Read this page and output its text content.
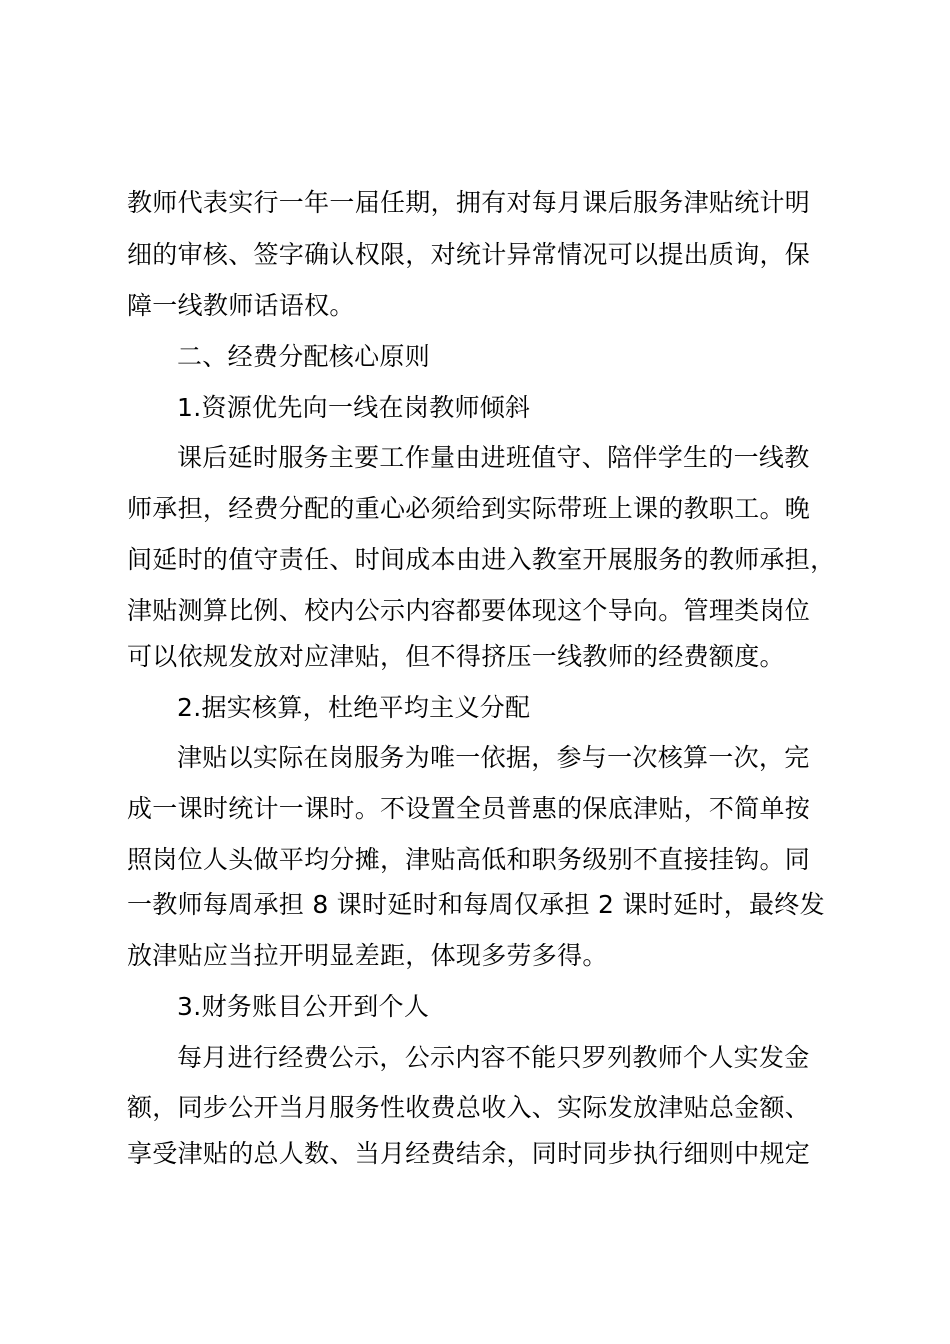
教师代表实行一年一届任期，拥有对每月课后服务津贴统计明
细的审核、签字确认权限，对统计异常情况可以提出质询，保
障一线教师话语权。
二、经费分配核心原则
1.资源优先向一线在岗教师倾斜
课后延时服务主要工作量由进班值守、陪伴学生的一线教
师承担，经费分配的重心必须给到实际带班上课的教职工。晚
间延时的值守责任、时间成本由进入教室开展服务的教师承担，
津贴测算比例、校内公示内容都要体现这个导向。管理类岗位
可以依规发放对应津贴，但不得挤压一线教师的经费额度。
2.据实核算，杜绝平均主义分配
津贴以实际在岗服务为唯一依据，参与一次核算一次，完
成一课时统计一课时。不设置全员普惠的保底津贴，不简单按
照岗位人头做平均分摊，津贴高低和职务级别不直接挂钩。同
一教师每周承担 8 课时延时和每周仅承担 2 课时延时，最终发
放津贴应当拉开明显差距，体现多劳多得。
3.财务账目公开到个人
每月进行经费公示，公示内容不能只罗列教师个人实发金
额，同步公开当月服务性收费总收入、实际发放津贴总金额、
享受津贴的总人数、当月经费结余，同时同步执行细则中规定
